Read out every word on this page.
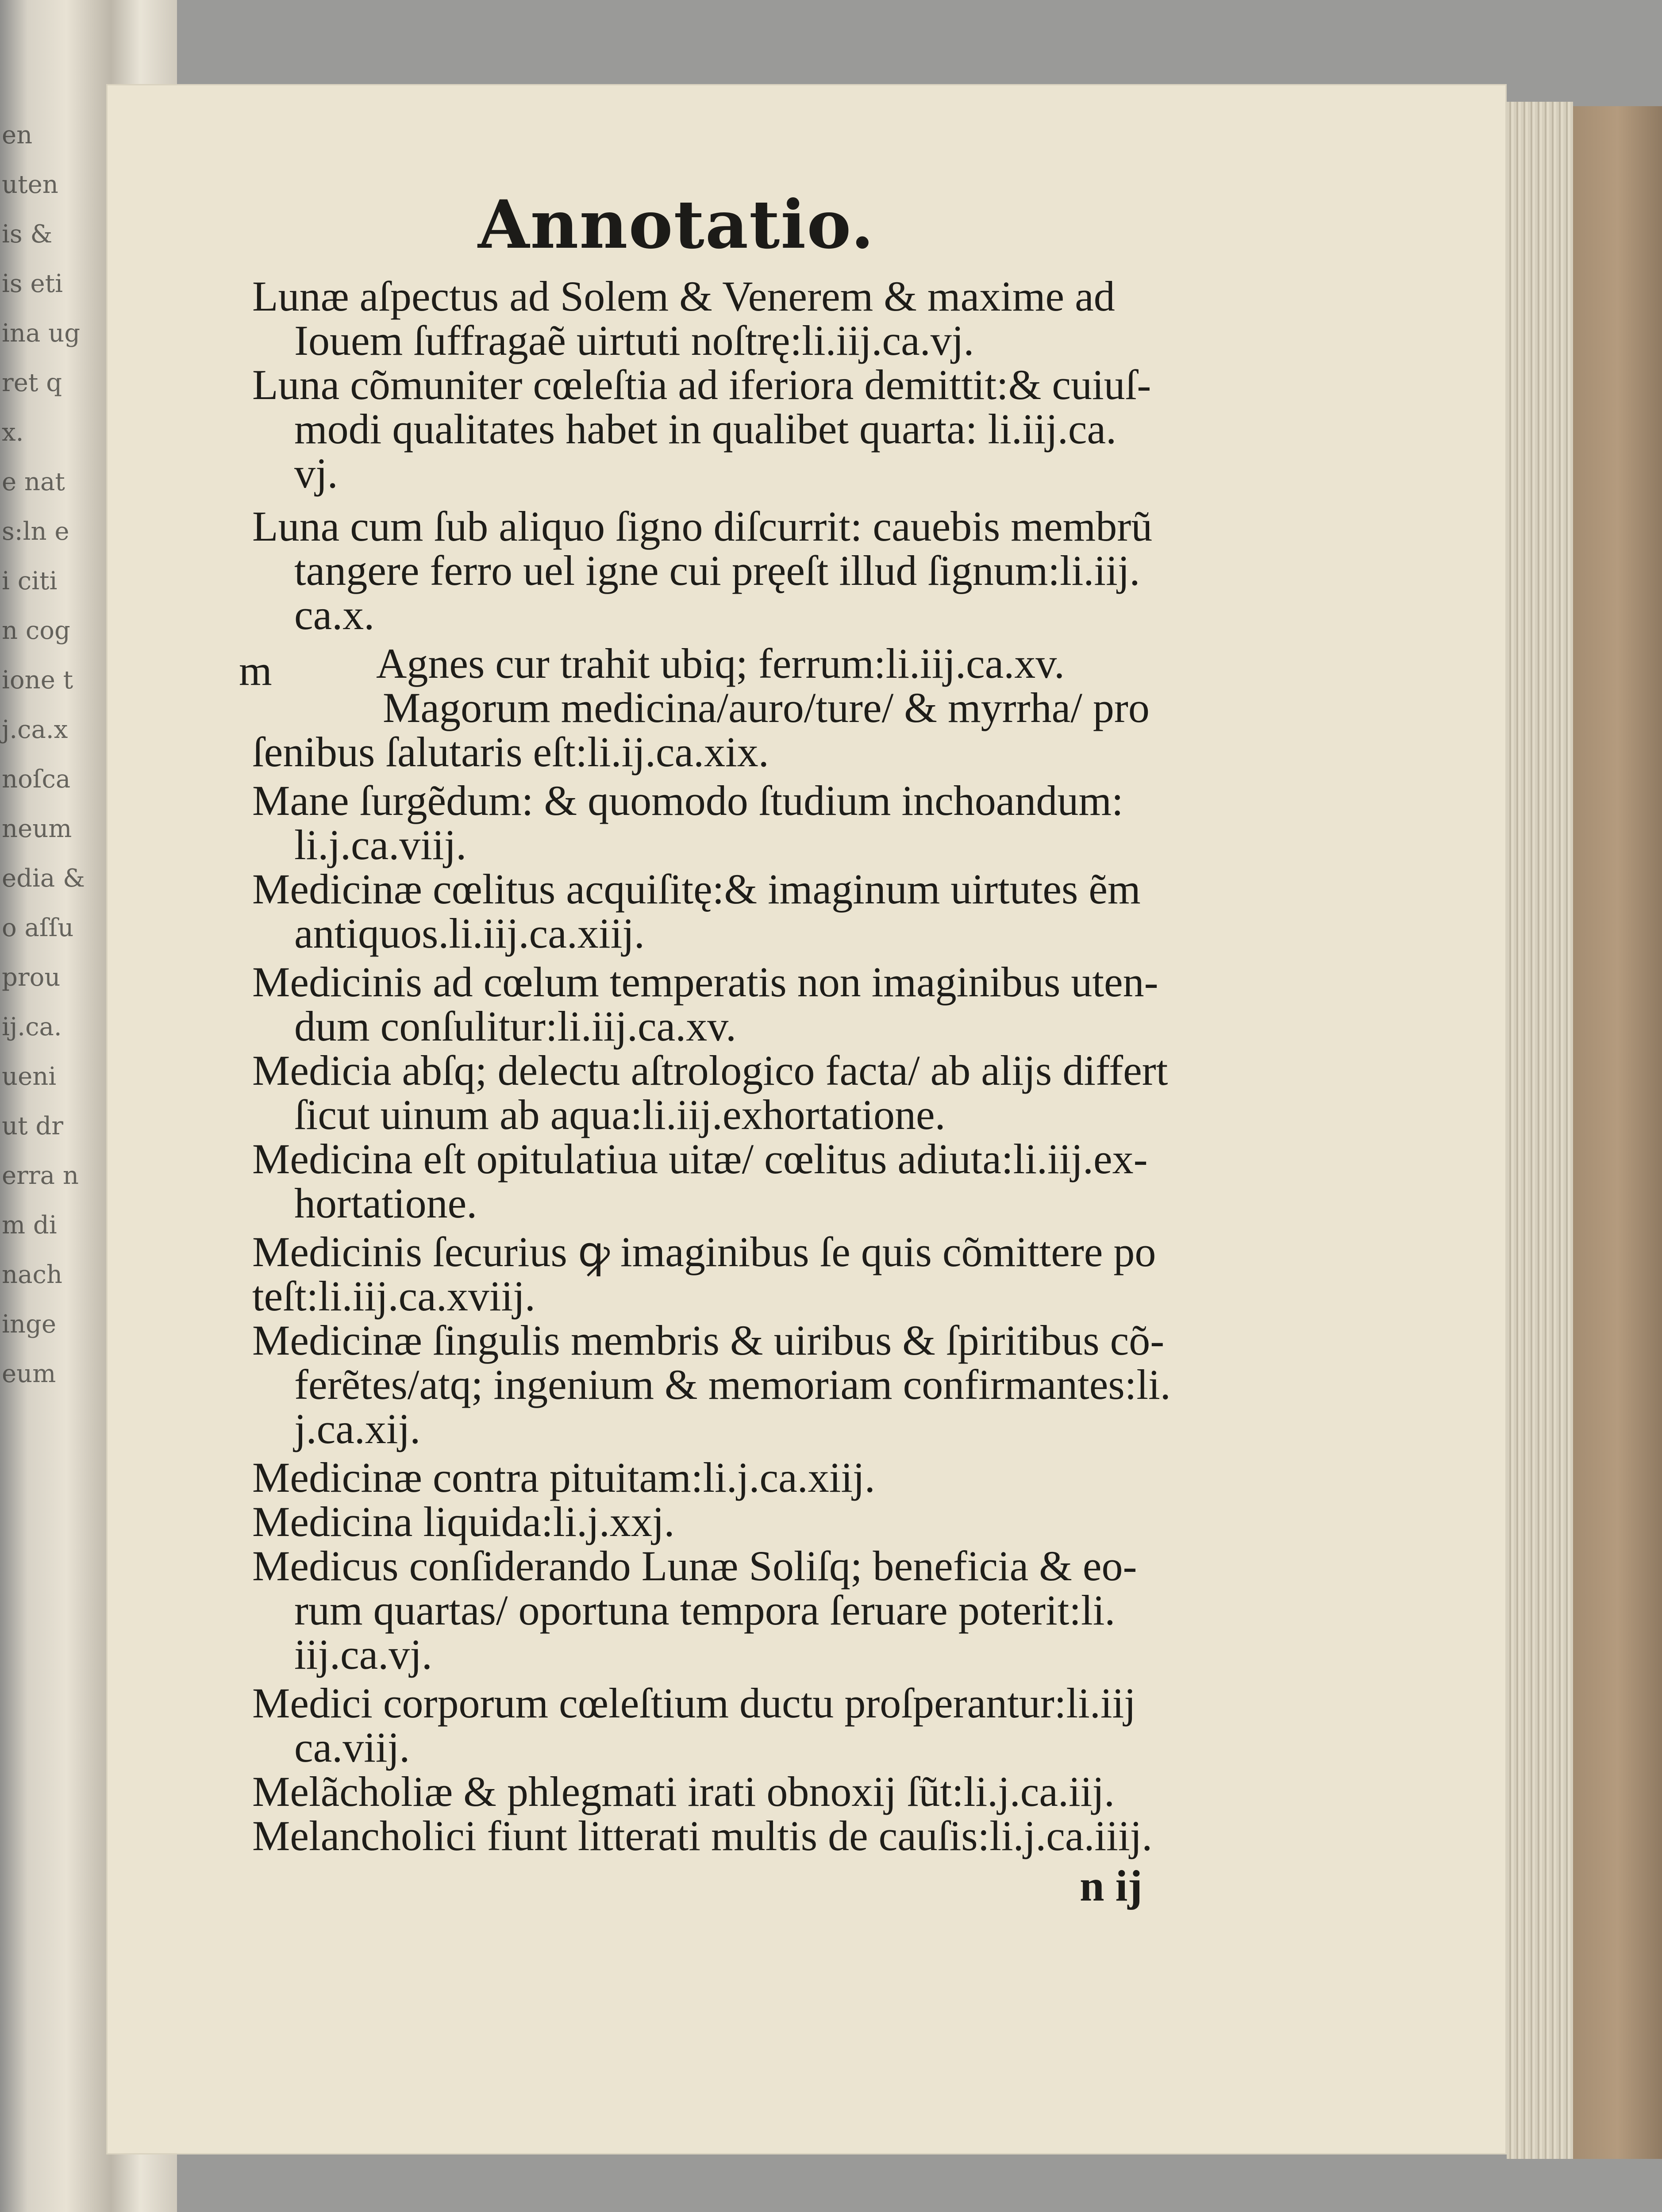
en
uten
is &
is eti
ina ug
ret q
x.
e nat
s:ln e
i citi
n cog
ione t
j.ca.x
noſca
neum
edia &
o aſſu
prou
ij.ca.
ueni
ut dr
erra n
m di
nach
inge
eum
Annotatio.
m
Lunæ aſpectus ad Solem & Venerem & maxime ad
Iouem ſuffragaẽ uirtuti noſtrę:li.iij.ca.vj.
Luna cõmuniter cœleſtia ad iferiora demittit:& cuiuſ-
modi qualitates habet in qualibet quarta: li.iij.ca.
vj.
Luna cum ſub aliquo ſigno diſcurrit: cauebis membrũ
tangere ferro uel igne cui pręeſt illud ſignum:li.iij.
ca.x.
Agnes cur trahit ubiq; ferrum:li.iij.ca.xv.
Magorum medicina/auro/ture/ & myrrha/ pro
ſenibus ſalutaris eſt:li.ij.ca.xix.
Mane ſurgẽdum: & quomodo ſtudium inchoandum:
li.j.ca.viij.
Medicinæ cœlitus acquiſitę:& imaginum uirtutes ẽm
antiquos.li.iij.ca.xiij.
Medicinis ad cœlum temperatis non imaginibus uten-
dum conſulitur:li.iij.ca.xv.
Medicia abſq; delectu aſtrologico facta/ ab alijs differt
ſicut uinum ab aqua:li.iij.exhortatione.
Medicina eſt opitulatiua uitæ/ cœlitus adiuta:li.iij.ex-
hortatione.
Medicinis ſecurius ꝙ imaginibus ſe quis cõmittere po
teſt:li.iij.ca.xviij.
Medicinæ ſingulis membris & uiribus & ſpiritibus cõ-
ferẽtes/atq; ingenium & memoriam confirmantes:li.
j.ca.xij.
Medicinæ contra pituitam:li.j.ca.xiij.
Medicina liquida:li.j.xxj.
Medicus conſiderando Lunæ Soliſq; beneficia & eo-
rum quartas/ oportuna tempora ſeruare poterit:li.
iij.ca.vj.
Medici corporum cœleſtium ductu proſperantur:li.iij
ca.viij.
Melãcholiæ & phlegmati irati obnoxij ſũt:li.j.ca.iij.
Melancholici fiunt litterati multis de cauſis:li.j.ca.iiij.
n ij
